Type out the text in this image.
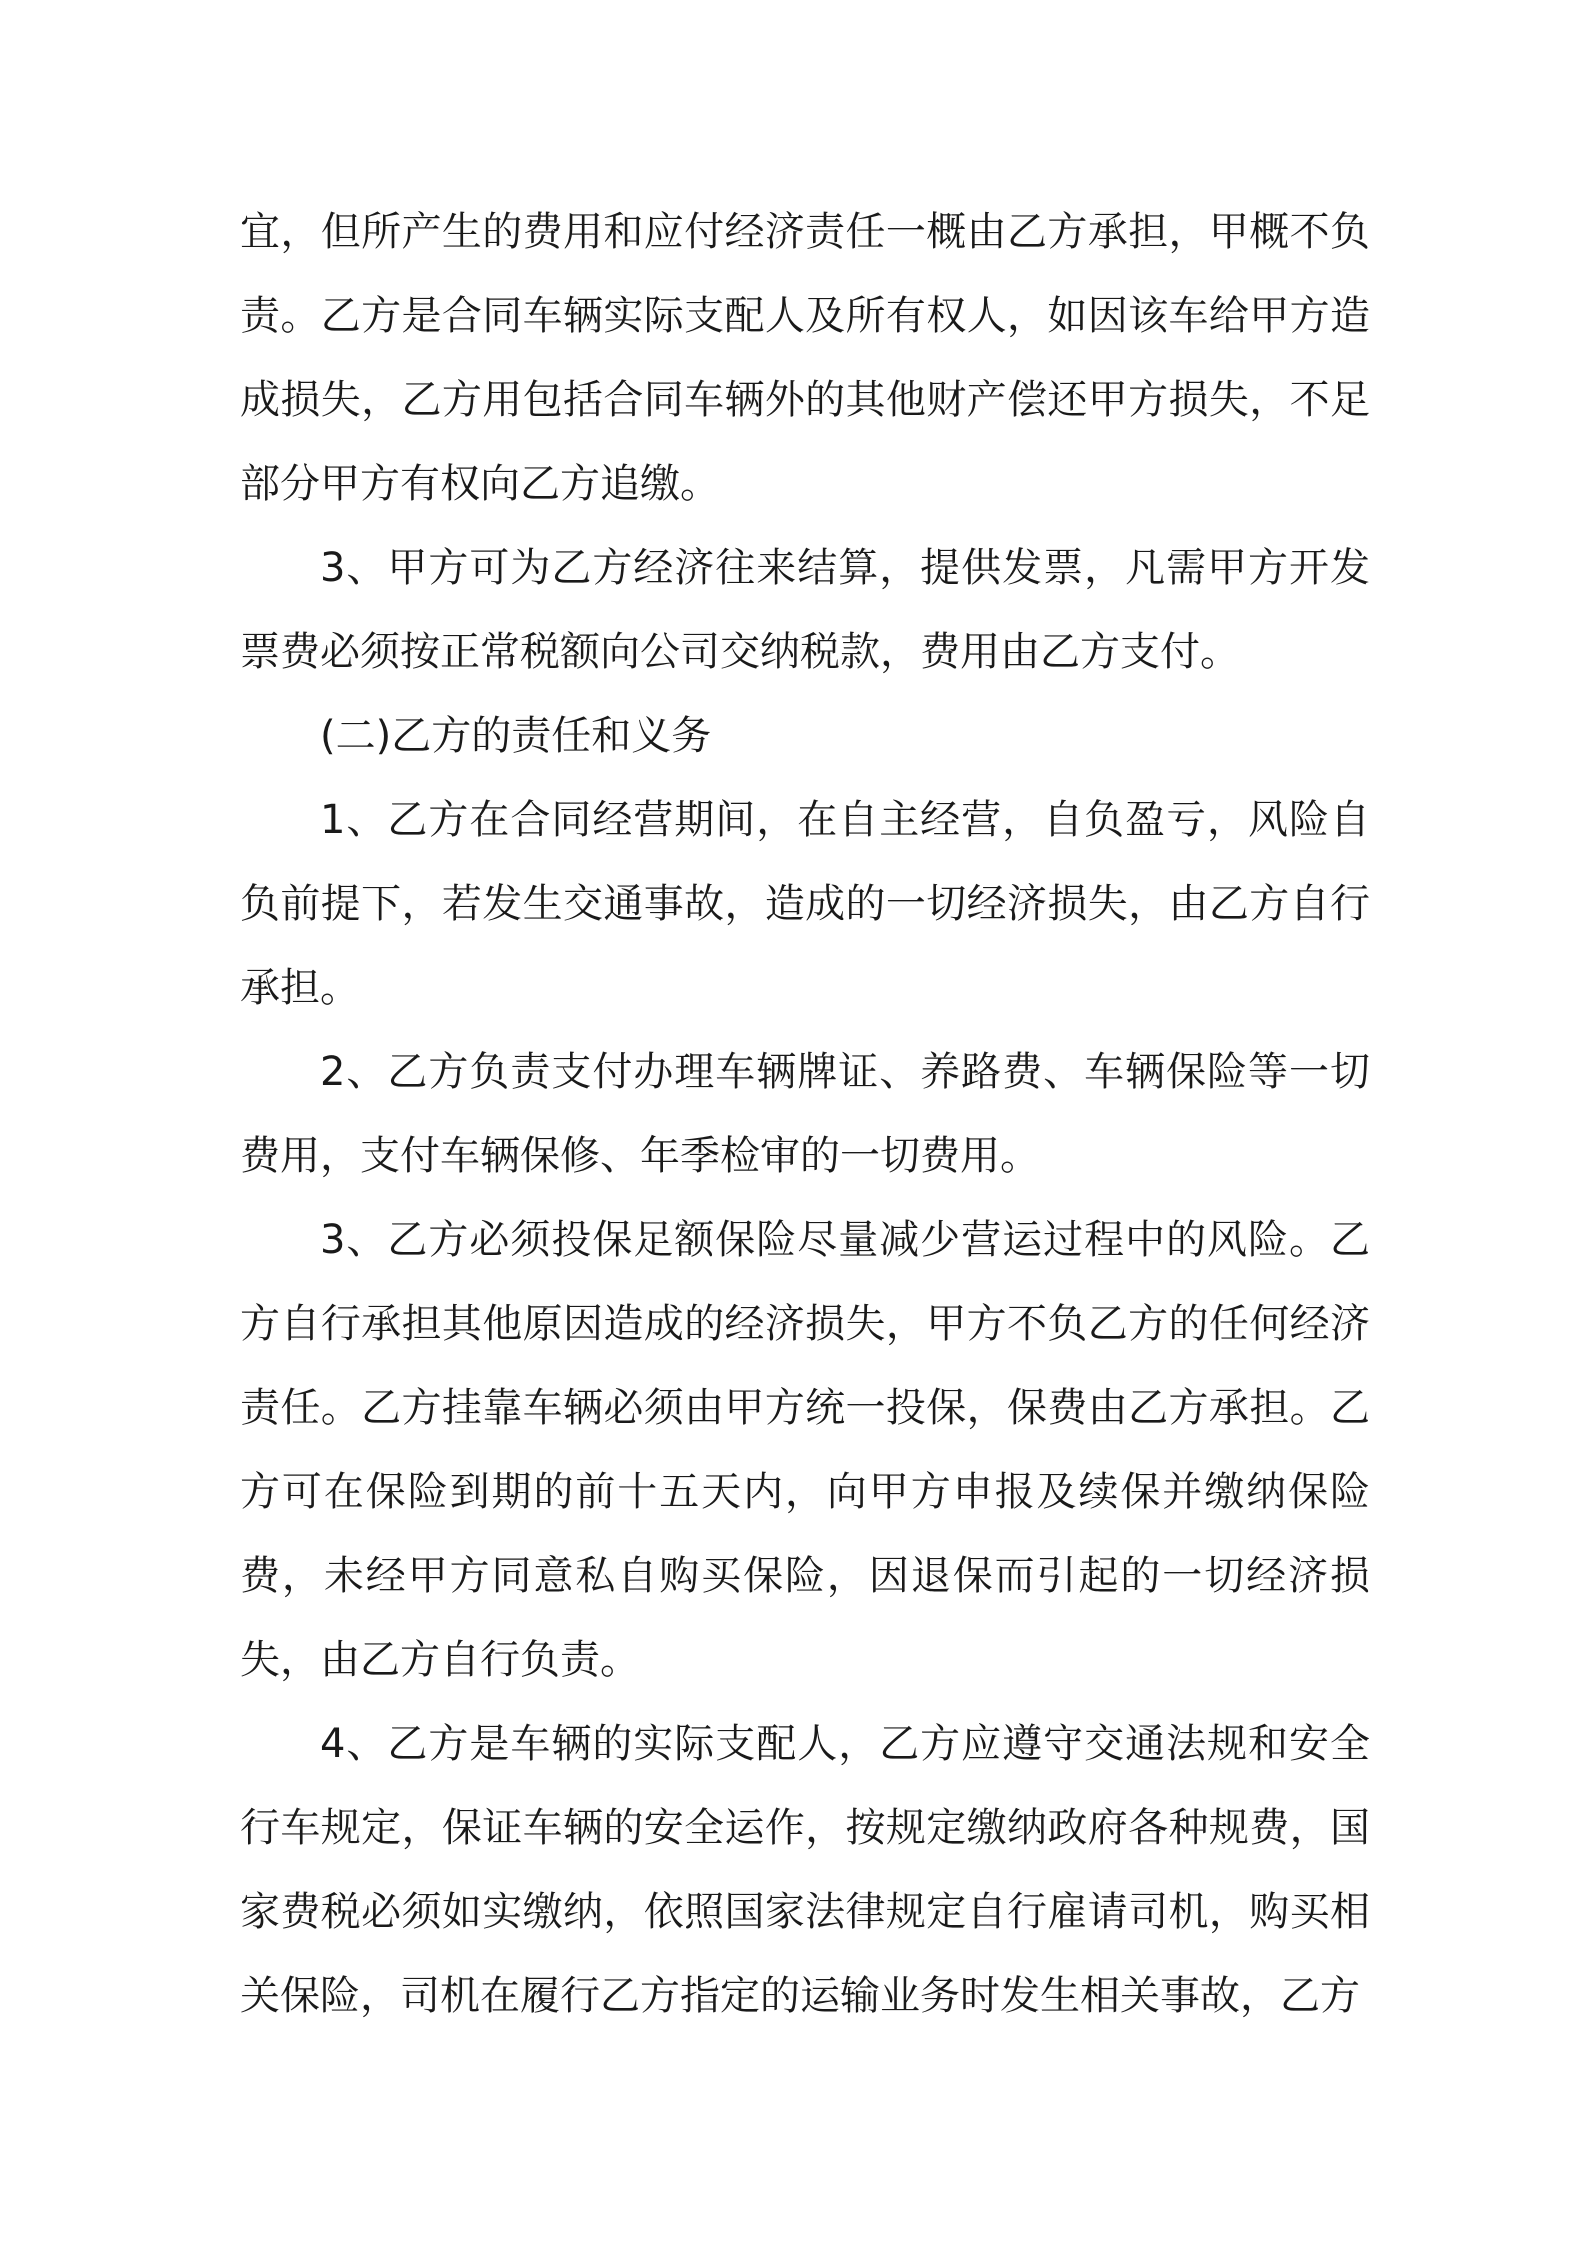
宜，但所产生的费用和应付经济责任一概由乙方承担，甲概不负责。乙方是合同车辆实际支配人及所有权人，如因该车给甲方造成损失，乙方用包括合同车辆外的其他财产偿还甲方损失，不足部分甲方有权向乙方追缴。

3、甲方可为乙方经济往来结算，提供发票，凡需甲方开发票费必须按正常税额向公司交纳税款，费用由乙方支付。

(二)乙方的责任和义务

1、乙方在合同经营期间，在自主经营，自负盈亏，风险自负前提下，若发生交通事故，造成的一切经济损失，由乙方自行承担。

2、乙方负责支付办理车辆牌证、养路费、车辆保险等一切费用，支付车辆保修、年季检审的一切费用。

3、乙方必须投保足额保险尽量减少营运过程中的风险。乙方自行承担其他原因造成的经济损失，甲方不负乙方的任何经济责任。乙方挂靠车辆必须由甲方统一投保，保费由乙方承担。乙方可在保险到期的前十五天内，向甲方申报及续保并缴纳保险费，未经甲方同意私自购买保险，因退保而引起的一切经济损失，由乙方自行负责。

4、乙方是车辆的实际支配人，乙方应遵守交通法规和安全行车规定，保证车辆的安全运作，按规定缴纳政府各种规费，国家费税必须如实缴纳，依照国家法律规定自行雇请司机，购买相关保险，司机在履行乙方指定的运输业务时发生相关事故，乙方
